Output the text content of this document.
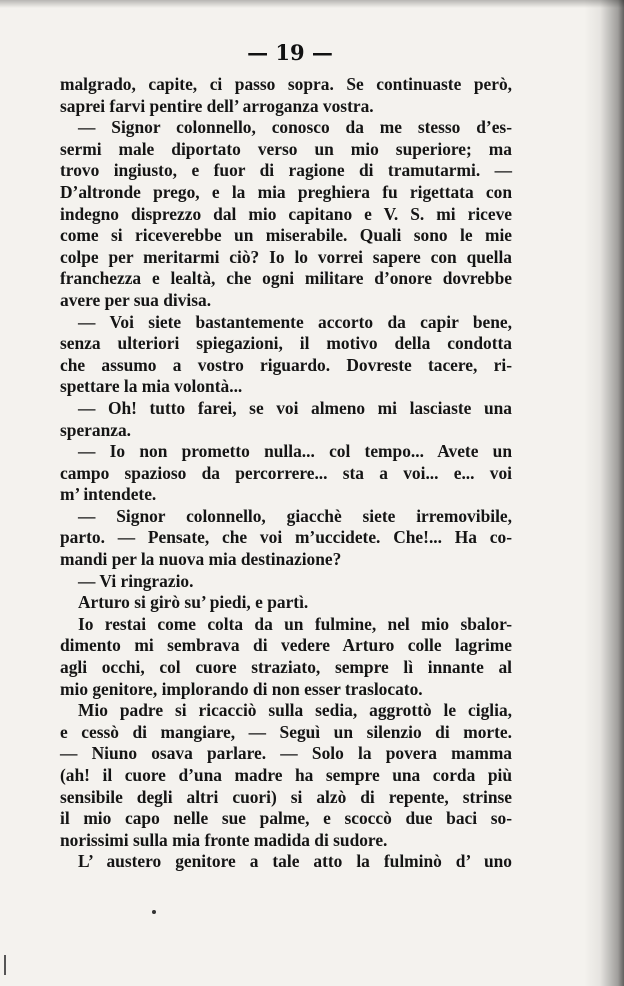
— 19 —
malgrado, capite, ci passo sopra. Se continuaste però,
saprei farvi pentire dell’ arroganza vostra.
— Signor colonnello, conosco da me stesso d’es-
sermi male diportato verso un mio superiore; ma
trovo ingiusto, e fuor di ragione di tramutarmi. —
D’altronde prego, e la mia preghiera fu rigettata con
indegno disprezzo dal mio capitano e V. S. mi riceve
come si riceverebbe un miserabile. Quali sono le mie
colpe per meritarmi ciò? Io lo vorrei sapere con quella
franchezza e lealtà, che ogni militare d’onore dovrebbe
avere per sua divisa.
— Voi siete bastantemente accorto da capir bene,
senza ulteriori spiegazioni, il motivo della condotta
che assumo a vostro riguardo. Dovreste tacere, ri-
spettare la mia volontà...
— Oh! tutto farei, se voi almeno mi lasciaste una
speranza.
— Io non prometto nulla... col tempo... Avete un
campo spazioso da percorrere... sta a voi... e... voi
m’ intendete.
— Signor colonnello, giacchè siete irremovibile,
parto. — Pensate, che voi m’uccidete. Che!... Ha co-
mandi per la nuova mia destinazione?
— Vi ringrazio.
Arturo si girò su’ piedi, e partì.
Io restai come colta da un fulmine, nel mio sbalor-
dimento mi sembrava di vedere Arturo colle lagrime
agli occhi, col cuore straziato, sempre lì innante al
mio genitore, implorando di non esser traslocato.
Mio padre si ricacciò sulla sedia, aggrottò le ciglia,
e cessò di mangiare, — Seguì un silenzio di morte.
— Niuno osava parlare. — Solo la povera mamma
(ah! il cuore d’una madre ha sempre una corda più
sensibile degli altri cuori) si alzò di repente, strinse
il mio capo nelle sue palme, e scoccò due baci so-
norissimi sulla mia fronte madida di sudore.
L’ austero genitore a tale atto la fulminò d’ uno
